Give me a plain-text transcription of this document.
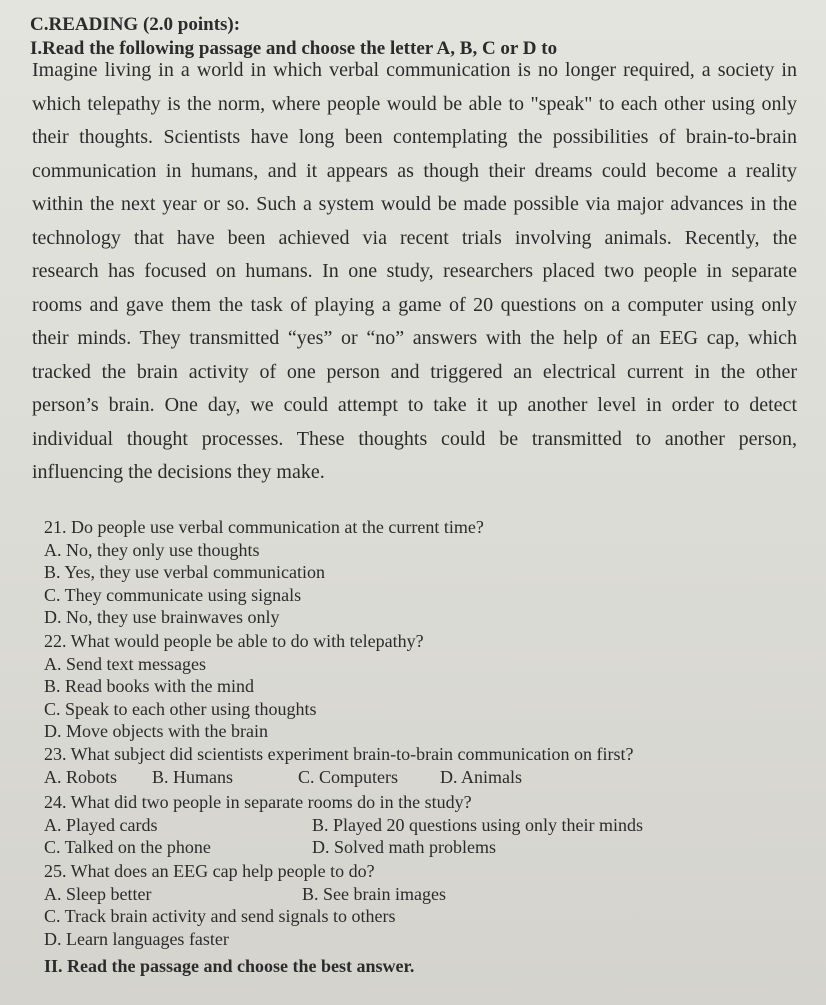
C.READING (2.0 points):
I.Read the following passage and choose the letter A, B, C or D to
Imagine living in a world in which verbal communication is no longer required, a society in
which telepathy is the norm, where people would be able to "speak" to each other using only
their thoughts. Scientists have long been contemplating the possibilities of brain-to-brain
communication in humans, and it appears as though their dreams could become a reality
within the next year or so. Such a system would be made possible via major advances in the
technology that have been achieved via recent trials involving animals. Recently, the
research has focused on humans. In one study, researchers placed two people in separate
rooms and gave them the task of playing a game of 20 questions on a computer using only
their minds. They transmitted “yes” or “no” answers with the help of an EEG cap, which
tracked the brain activity of one person and triggered an electrical current in the other
person’s brain. One day, we could attempt to take it up another level in order to detect
individual thought processes. These thoughts could be transmitted to another person,
influencing the decisions they make.
21. Do people use verbal communication at the current time?
A. No, they only use thoughts
B. Yes, they use verbal communication
C. They communicate using signals
D. No, they use brainwaves only
22. What would people be able to do with telepathy?
A. Send text messages
B. Read books with the mind
C. Speak to each other using thoughts
D. Move objects with the brain
23. What subject did scientists experiment brain-to-brain communication on first?
A. Robots B. Humans	C. Computers D. Animals
24. What did two people in separate rooms do in the study?
A. Played cards	B. Played 20 questions using only their minds
C. Talked on the phone	D. Solved math problems
25. What does an EEG cap help people to do?
A. Sleep better	B. See brain images
C. Track brain activity and send signals to others
D. Learn languages faster
II. Read the passage and choose the best answer.
